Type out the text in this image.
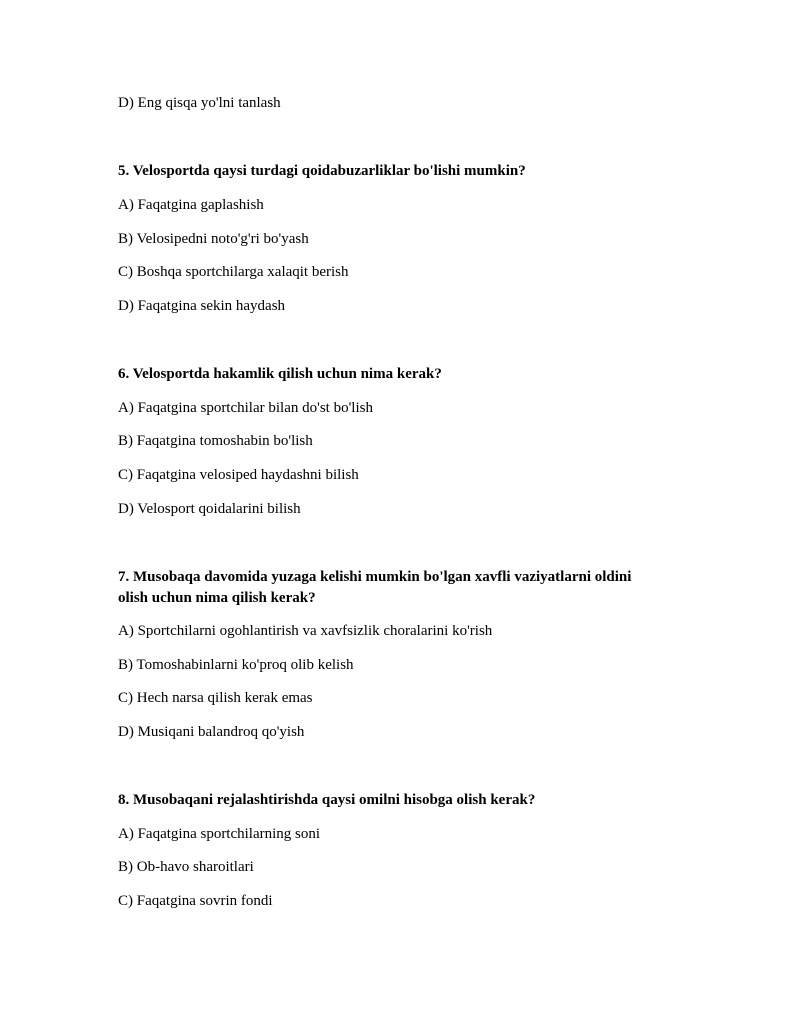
D) Eng qisqa yo'lni tanlash
5. Velosportda qaysi turdagi qoidabuzarliklar bo'lishi mumkin?
A) Faqatgina gaplashish
B) Velosipedni noto'g'ri bo'yash
C) Boshqa sportchilarga xalaqit berish
D) Faqatgina sekin haydash
6. Velosportda hakamlik qilish uchun nima kerak?
A) Faqatgina sportchilar bilan do'st bo'lish
B) Faqatgina tomoshabin bo'lish
C) Faqatgina velosiped haydashni bilish
D) Velosport qoidalarini bilish
7. Musobaqa davomida yuzaga kelishi mumkin bo'lgan xavfli vaziyatlarni oldini
olish uchun nima qilish kerak?
A) Sportchilarni ogohlantirish va xavfsizlik choralarini ko'rish
B) Tomoshabinlarni ko'proq olib kelish
C) Hech narsa qilish kerak emas
D) Musiqani balandroq qo'yish
8. Musobaqani rejalashtirishda qaysi omilni hisobga olish kerak?
A) Faqatgina sportchilarning soni
B) Ob-havo sharoitlari
C) Faqatgina sovrin fondi
